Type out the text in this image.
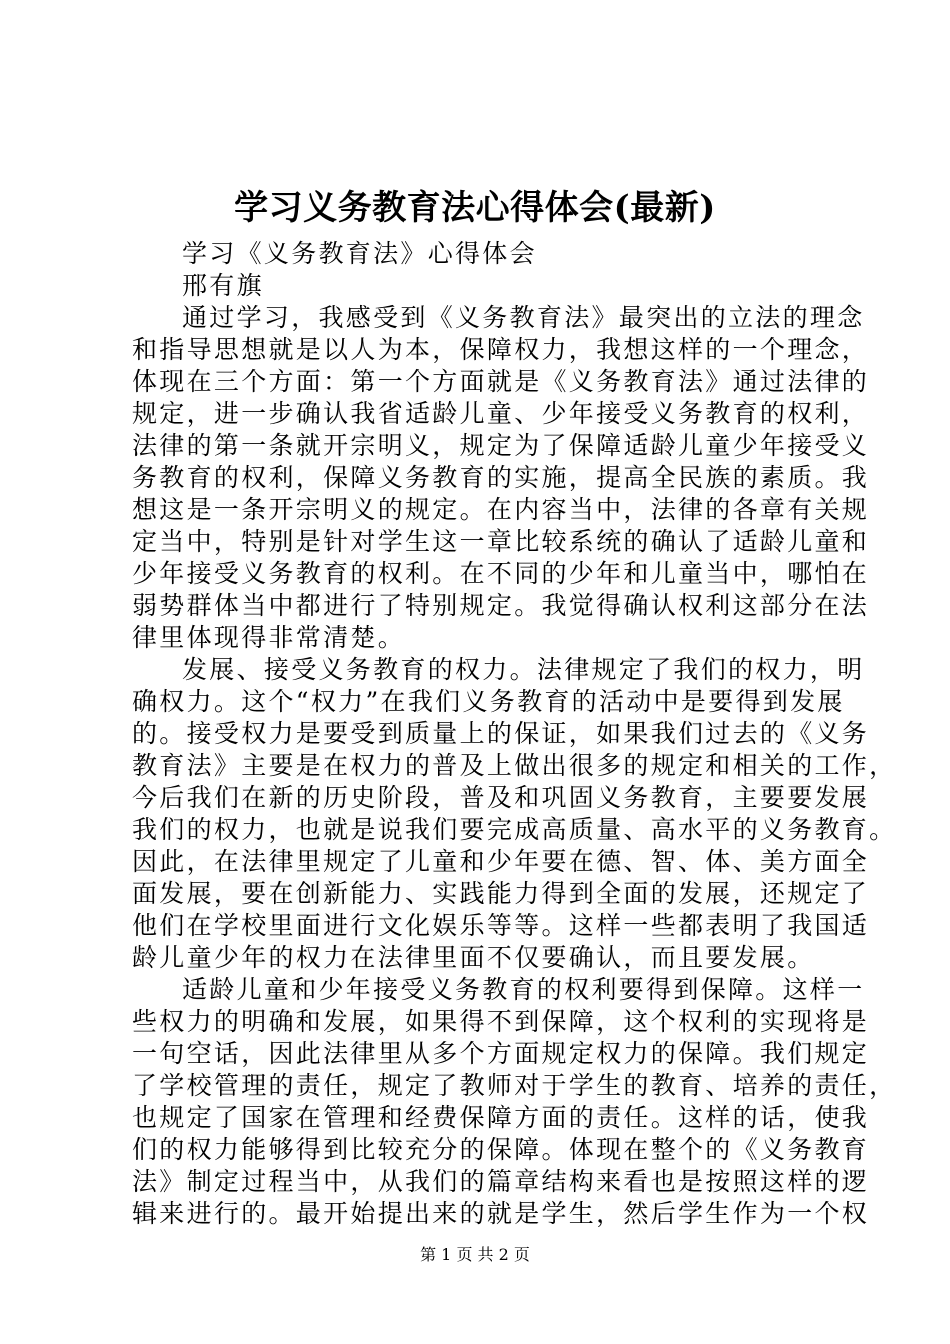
学习义务教育法心得体会(最新)
学习《义务教育法》心得体会
邢有旗
通过学习，我感受到《义务教育法》最突出的立法的理念
和指导思想就是以人为本，保障权力，我想这样的一个理念，
体现在三个方面：第一个方面就是《义务教育法》通过法律的
规定，进一步确认我省适龄儿童、少年接受义务教育的权利，
法律的第一条就开宗明义，规定为了保障适龄儿童少年接受义
务教育的权利，保障义务教育的实施，提高全民族的素质。我
想这是一条开宗明义的规定。在内容当中，法律的各章有关规
定当中，特别是针对学生这一章比较系统的确认了适龄儿童和
少年接受义务教育的权利。在不同的少年和儿童当中，哪怕在
弱势群体当中都进行了特别规定。我觉得确认权利这部分在法
律里体现得非常清楚。
发展、接受义务教育的权力。法律规定了我们的权力，明
确权力。这个“权力”在我们义务教育的活动中是要得到发展
的。接受权力是要受到质量上的保证，如果我们过去的《义务
教育法》主要是在权力的普及上做出很多的规定和相关的工作，
今后我们在新的历史阶段，普及和巩固义务教育，主要要发展
我们的权力，也就是说我们要完成高质量、高水平的义务教育。
因此，在法律里规定了儿童和少年要在德、智、体、美方面全
面发展，要在创新能力、实践能力得到全面的发展，还规定了
他们在学校里面进行文化娱乐等等。这样一些都表明了我国适
龄儿童少年的权力在法律里面不仅要确认，而且要发展。
适龄儿童和少年接受义务教育的权利要得到保障。这样一
些权力的明确和发展，如果得不到保障，这个权利的实现将是
一句空话，因此法律里从多个方面规定权力的保障。我们规定
了学校管理的责任，规定了教师对于学生的教育、培养的责任，
也规定了国家在管理和经费保障方面的责任。这样的话，使我
们的权力能够得到比较充分的保障。体现在整个的《义务教育
法》制定过程当中，从我们的篇章结构来看也是按照这样的逻
辑来进行的。最开始提出来的就是学生，然后学生作为一个权
第 1 页 共 2 页
